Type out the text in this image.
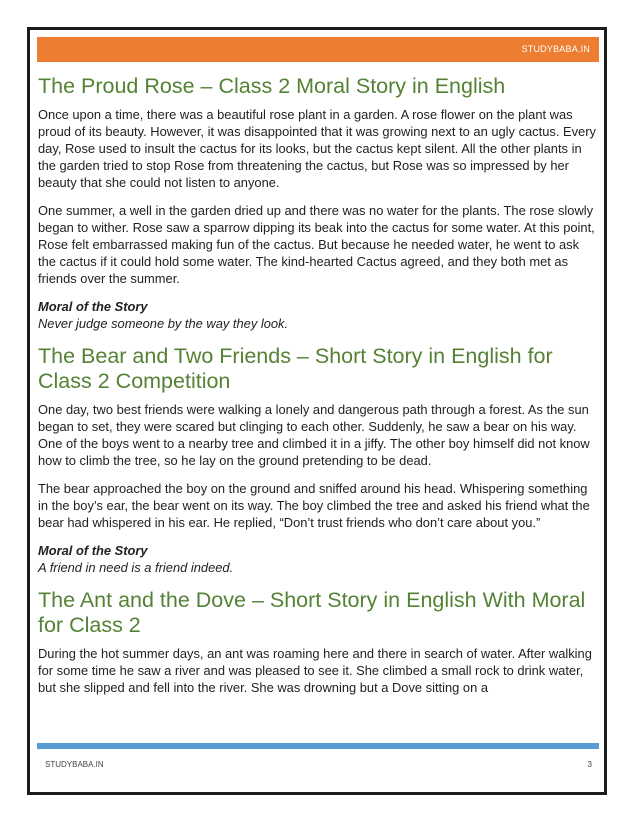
STUDYBABA.IN
The Proud Rose – Class 2 Moral Story in English

Once upon a time, there was a beautiful rose plant in a garden. A rose flower on the plant was proud of its beauty. However, it was disappointed that it was growing next to an ugly cactus. Every day, Rose used to insult the cactus for its looks, but the cactus kept silent. All the other plants in the garden tried to stop Rose from threatening the cactus, but Rose was so impressed by her beauty that she could not listen to anyone.

One summer, a well in the garden dried up and there was no water for the plants. The rose slowly began to wither. Rose saw a sparrow dipping its beak into the cactus for some water. At this point, Rose felt embarrassed making fun of the cactus. But because he needed water, he went to ask the cactus if it could hold some water. The kind-hearted Cactus agreed, and they both met as friends over the summer.

Moral of the Story
Never judge someone by the way they look.
The Bear and Two Friends – Short Story in English for Class 2 Competition

One day, two best friends were walking a lonely and dangerous path through a forest. As the sun began to set, they were scared but clinging to each other. Suddenly, he saw a bear on his way. One of the boys went to a nearby tree and climbed it in a jiffy. The other boy himself did not know how to climb the tree, so he lay on the ground pretending to be dead.

The bear approached the boy on the ground and sniffed around his head. Whispering something in the boy’s ear, the bear went on its way. The boy climbed the tree and asked his friend what the bear had whispered in his ear. He replied, “Don’t trust friends who don’t care about you.”

Moral of the Story
A friend in need is a friend indeed.
The Ant and the Dove – Short Story in English With Moral for Class 2

During the hot summer days, an ant was roaming here and there in search of water. After walking for some time he saw a river and was pleased to see it. She climbed a small rock to drink water, but she slipped and fell into the river. She was drowning but a Dove sitting on a

STUDYBABA.IN	3
